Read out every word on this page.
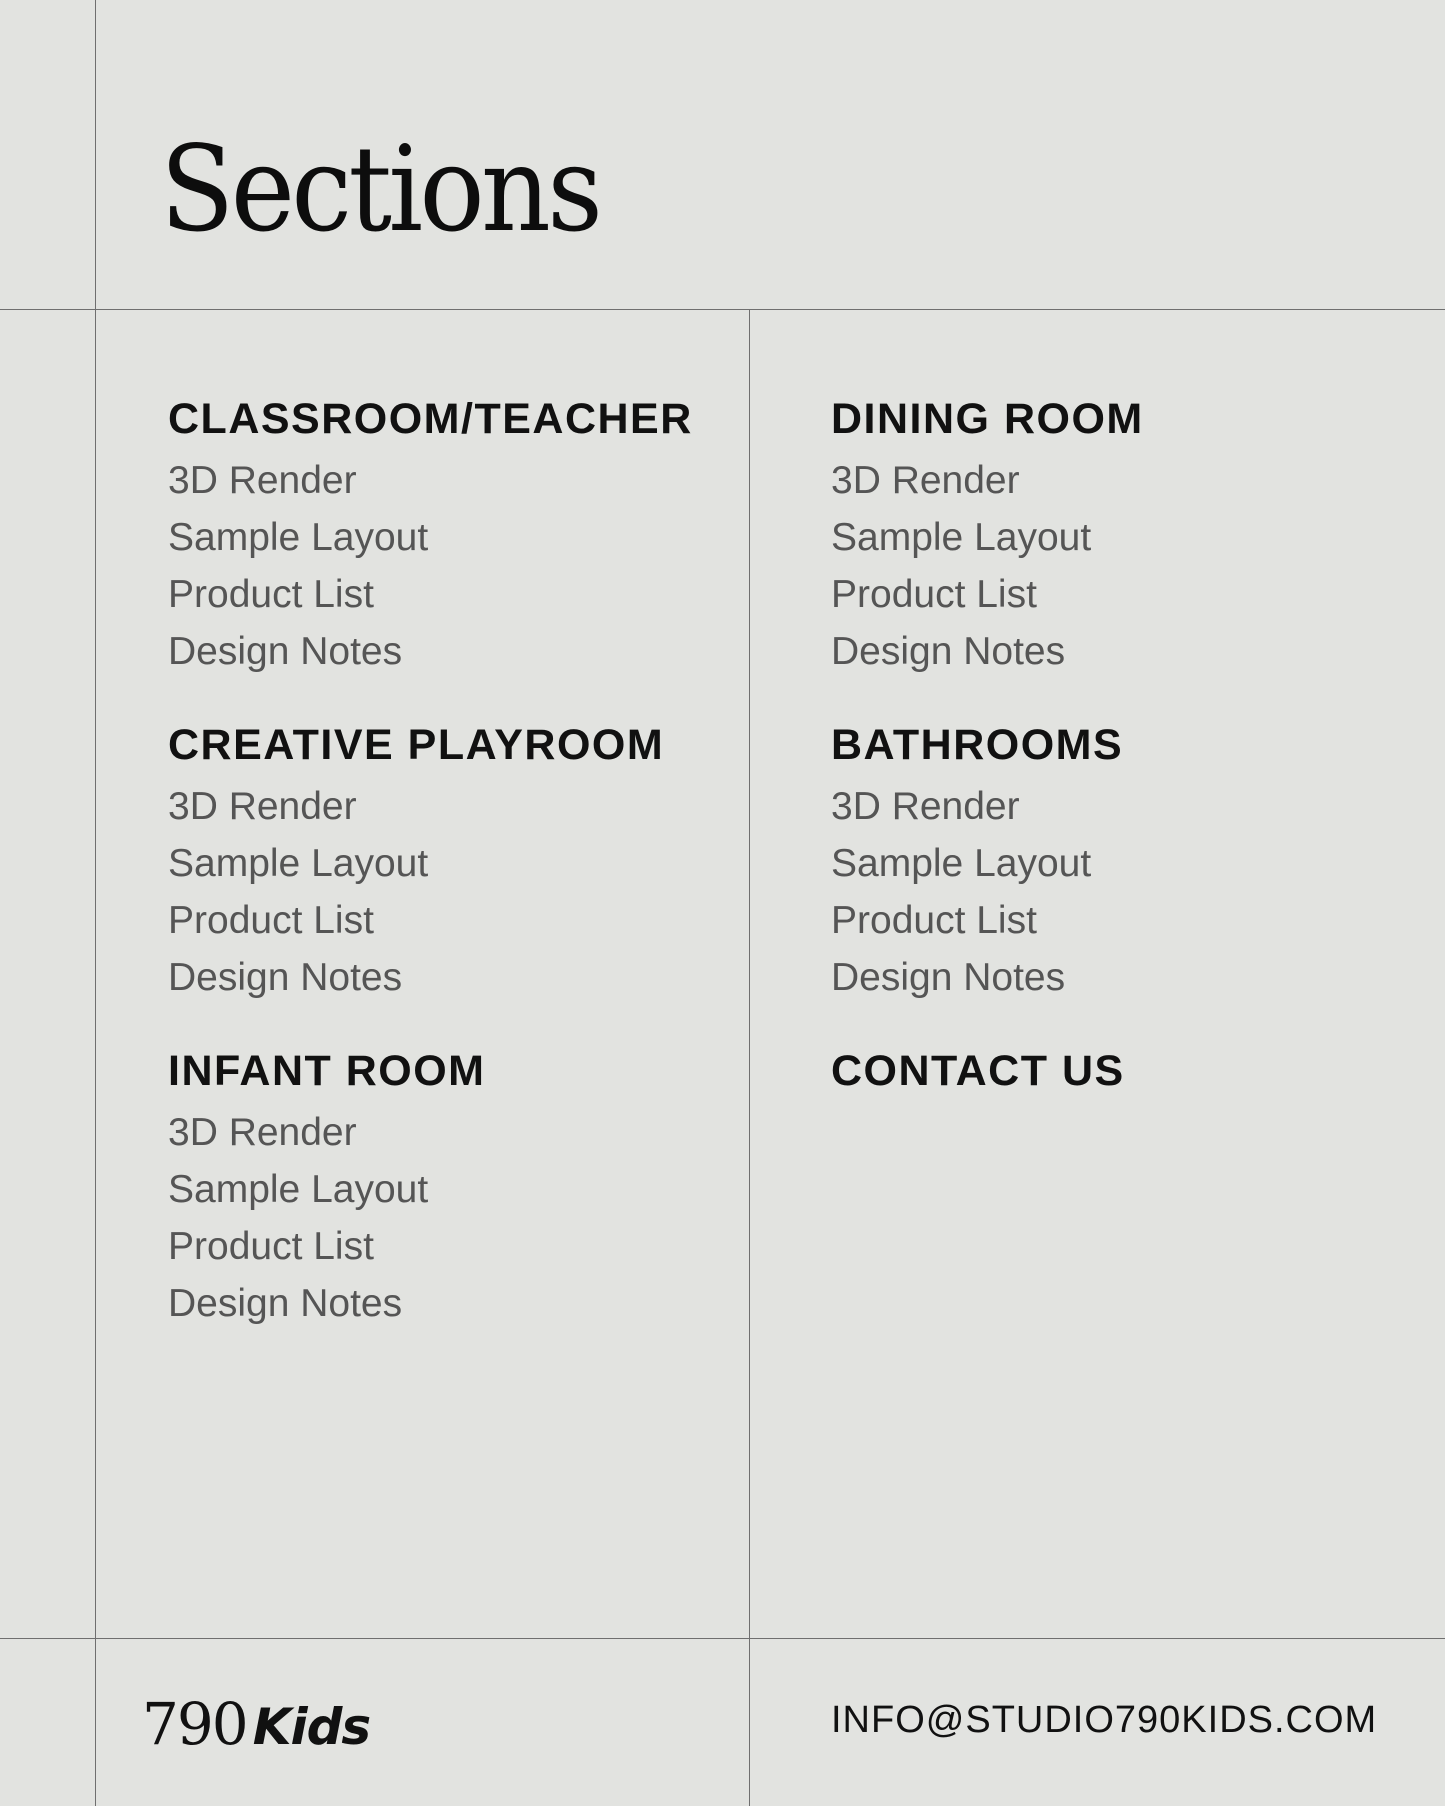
Sections
CLASSROOM/TEACHER
3D Render
Sample Layout
Product List
Design Notes
CREATIVE PLAYROOM
3D Render
Sample Layout
Product List
Design Notes
INFANT ROOM
3D Render
Sample Layout
Product List
Design Notes
DINING ROOM
3D Render
Sample Layout
Product List
Design Notes
BATHROOMS
3D Render
Sample Layout
Product List
Design Notes
CONTACT US
790 Kids	INFO@STUDIO790KIDS.COM
